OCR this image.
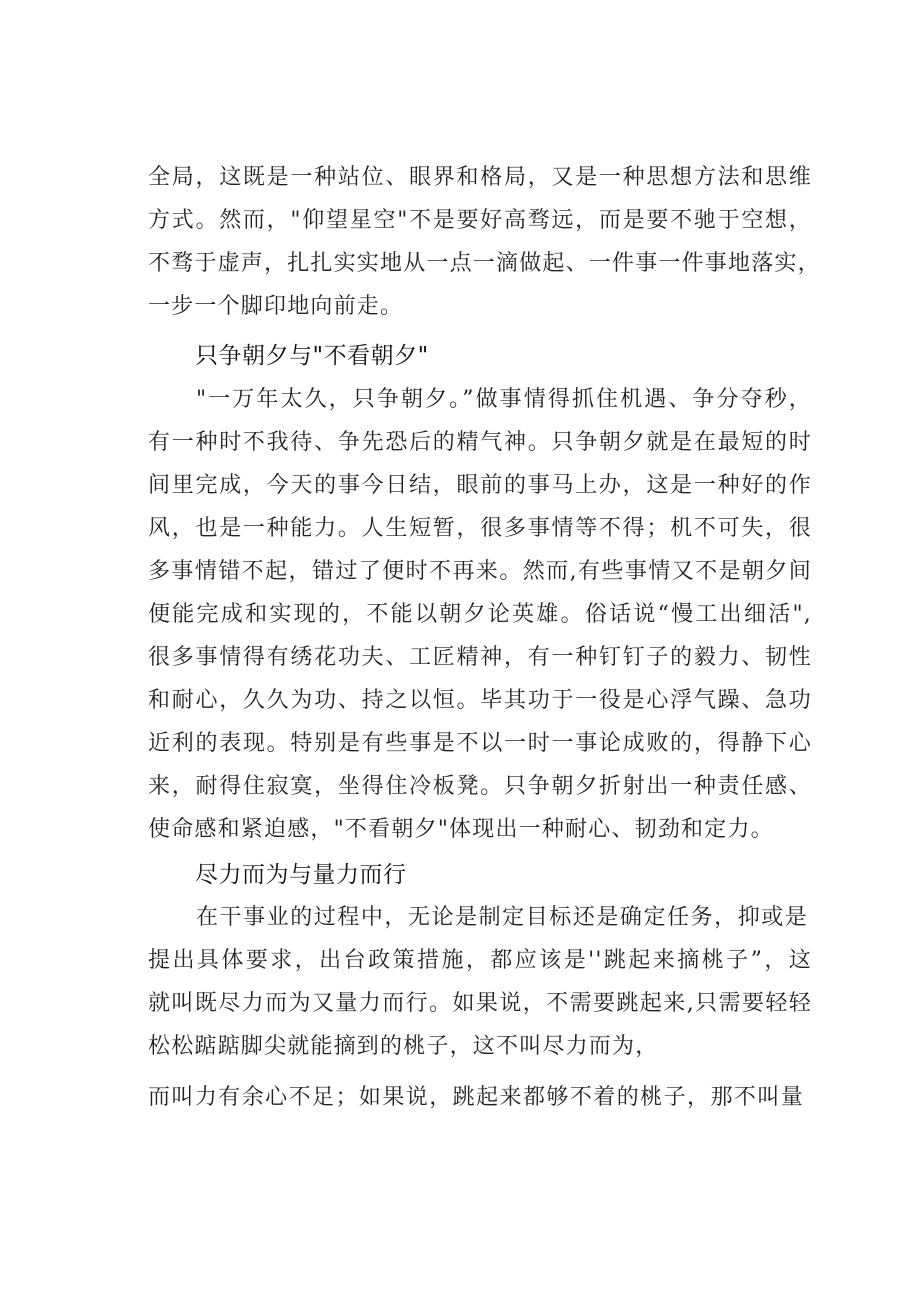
全局，这既是一种站位、眼界和格局，又是一种思想方法和思维
方式。然而，"仰望星空"不是要好高骛远，而是要不驰于空想，
不骛于虚声，扎扎实实地从一点一滴做起、一件事一件事地落实，
一步一个脚印地向前走。
只争朝夕与"不看朝夕"
"一万年太久，只争朝夕。”做事情得抓住机遇、争分夺秒，
有一种时不我待、争先恐后的精气神。只争朝夕就是在最短的时
间里完成，今天的事今日结，眼前的事马上办，这是一种好的作
风，也是一种能力。人生短暂，很多事情等不得；机不可失，很
多事情错不起，错过了便时不再来。然而,有些事情又不是朝夕间
便能完成和实现的，不能以朝夕论英雄。俗话说“慢工出细活",
很多事情得有绣花功夫、工匠精神，有一种钉钉子的毅力、韧性
和耐心，久久为功、持之以恒。毕其功于一役是心浮气躁、急功
近利的表现。特别是有些事是不以一时一事论成败的，得静下心
来，耐得住寂寞，坐得住冷板凳。只争朝夕折射出一种责任感、
使命感和紧迫感，"不看朝夕"体现出一种耐心、韧劲和定力。
尽力而为与量力而行
在干事业的过程中，无论是制定目标还是确定任务，抑或是
提出具体要求，出台政策措施，都应该是''跳起来摘桃子”，这
就叫既尽力而为又量力而行。如果说，不需要跳起来,只需要轻轻
松松踮踮脚尖就能摘到的桃子，这不叫尽力而为，
而叫力有余心不足；如果说，跳起来都够不着的桃子，那不叫量
